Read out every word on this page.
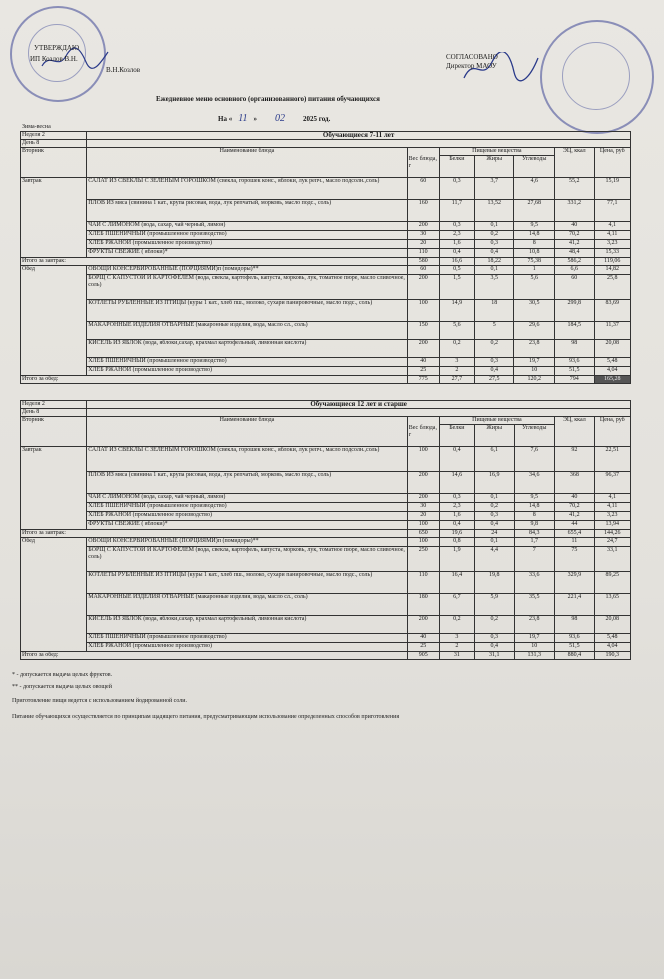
УТВЕРЖДАЮ
ИП Козлов В.Н.
В.Н.Козлов
СОГЛАСОВАНО
Директор МАОУ
Ежедневное меню основного (организованного) питания обучающихся
На « 11 » 02	2025 год.
Зима-весна
Неделя 2	Обучающиеся 7-11 лет						
День 8							
Вторник	Наименование блюда	Вес блюда, г	Пищевые вещества			ЭЦ, ккал	Цена, руб
			Белки	Жиры	Углеводы		
Завтрак	САЛАТ ИЗ СВЕКЛЫ С ЗЕЛЕНЫМ ГОРОШКОМ (свекла, горошек конс., яблоки, лук репч., масло подсолн.,соль)	60	0,3	3,7	4,6	55,2	15,19
	ПЛОВ ИЗ мяса (свинина 1 кат., крупа рисовая, вода, лук репчатый, морковь, масло подс., соль)	160	11,7	13,52	27,68	331,2	77,1
	ЧАЙ С ЛИМОНОМ (вода, сахар, чай черный, лимон)	200	0,3	0,1	9,5	40	4,1
	ХЛЕБ ПШЕНИЧНЫЙ (промышленное производство)	30	2,3	0,2	14,8	70,2	4,11
	ХЛЕБ РЖАНОЙ (промышленное производство)	20	1,6	0,3	8	41,2	3,23
	ФРУКТЫ СВЕЖИЕ ( яблоки)*	110	0,4	0,4	10,8	48,4	15,33
Итого за завтрак:		580	16,6	18,22	75,38	586,2	119,06
Обед	ОВОЩИ КОНСЕРВИРОВАННЫЕ (ПОРЦИЯМИ)п (помидоры)**	60	0,5	0,1	1	6,6	14,82
	БОРЩ С КАПУСТОЙ И КАРТОФЕЛЕМ (вода, свекла, картофель, капуста, морковь, лук, томатное пюре, масло сливочное, соль)	200	1,5	3,5	5,6	60	25,8
	КОТЛЕТЫ РУБЛЕННЫЕ ИЗ ПТИЦЫ (куры 1 кат., хлеб пш., молоко, сухари панировочные, масло подс., соль)	100	14,9	18	30,5	299,8	83,69
	МАКАРОННЫЕ ИЗДЕЛИЯ ОТВАРНЫЕ (макаронные изделия, вода, масло сл., соль)	150	5,6	5	29,6	184,5	11,37
	КИСЕЛЬ ИЗ ЯБЛОК (вода, яблоки,сахар, крахмал картофельный, лимонная кислота)	200	0,2	0,2	23,8	98	20,08
	ХЛЕБ ПШЕНИЧНЫЙ (промышленное производство)	40	3	0,3	19,7	93,6	5,48
	ХЛЕБ РЖАНОЙ (промышленное производство)	25	2	0,4	10	51,5	4,04
Итого за обед:		775	27,7	27,5	120,2	794	165,28
Неделя 2	Обучающиеся 12 лет и старше						
День 8							
Вторник	Наименование блюда	Вес блюда, г	Пищевые вещества			ЭЦ, ккал	Цена, руб
			Белки	Жиры	Углеводы		
Завтрак	САЛАТ ИЗ СВЕКЛЫ С ЗЕЛЕНЫМ ГОРОШКОМ (свекла, горошек конс., яблоки, лук репч., масло подсолн.,соль)	100	0,4	6,1	7,6	92	22,51
	ПЛОВ ИЗ мяса (свинина 1 кат., крупа рисовая, вода, лук репчатый, морковь, масло подс., соль)	200	14,6	16,9	34,6	368	96,37
	ЧАЙ С ЛИМОНОМ (вода, сахар, чай черный, лимон)	200	0,3	0,1	9,5	40	4,1
	ХЛЕБ ПШЕНИЧНЫЙ (промышленное производство)	30	2,3	0,2	14,8	70,2	4,11
	ХЛЕБ РЖАНОЙ (промышленное производство)	20	1,6	0,3	8	41,2	3,23
	ФРУКТЫ СВЕЖИЕ ( яблоки)*	100	0,4	0,4	9,8	44	13,94
Итого за завтрак:		650	19,6	24	84,3	655,4	144,26
Обед	ОВОЩИ КОНСЕРВИРОВАННЫЕ (ПОРЦИЯМИ)п (помидоры)**	100	0,8	0,1	1,7	11	24,7
	БОРЩ С КАПУСТОЙ И КАРТОФЕЛЕМ (вода, свекла, картофель, капуста, морковь, лук, томатное пюре, масло сливочное, соль)	250	1,9	4,4	7	75	33,1
	КОТЛЕТЫ РУБЛЕННЫЕ ИЗ ПТИЦЫ (куры 1 кат., хлеб пш., молоко, сухари панировочные, масло подс., соль)	110	16,4	19,8	33,6	329,9	89,25
	МАКАРОННЫЕ ИЗДЕЛИЯ ОТВАРНЫЕ (макаронные изделия, вода, масло сл., соль)	180	6,7	5,9	35,5	221,4	13,65
	КИСЕЛЬ ИЗ ЯБЛОК (вода, яблоки,сахар, крахмал картофельный, лимонная кислота)	200	0,2	0,2	23,8	98	20,08
	ХЛЕБ ПШЕНИЧНЫЙ (промышленное производство)	40	3	0,3	19,7	93,6	5,48
	ХЛЕБ РЖАНОЙ (промышленное производство)	25	2	0,4	10	51,5	4,04
Итого за обед:		905	31	31,1	131,3	880,4	190,3
* - допускается выдача целых фруктов.
** - допускается выдача целых овощей
Приготовление пищи ведется с использованием йодированной соли.
Питание обучающихся осуществляется по принципам щадящего питания, предусматривающим использование определенных способов приготовления
